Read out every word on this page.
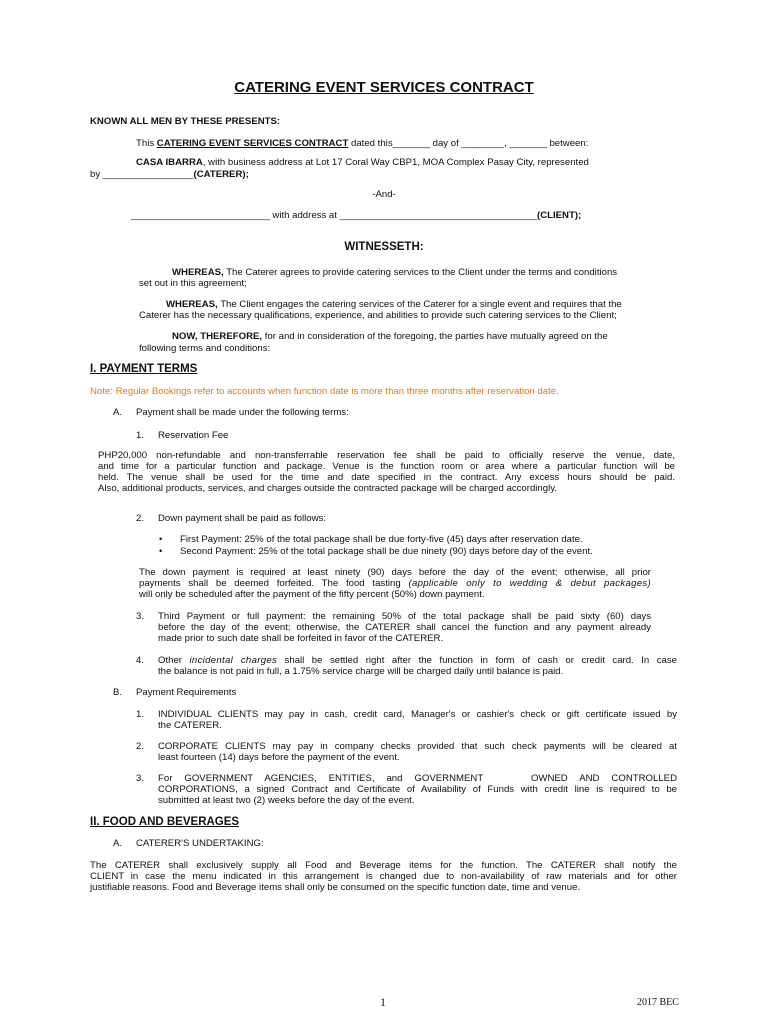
CATERING EVENT SERVICES CONTRACT
KNOWN ALL MEN BY THESE PRESENTS:
This CATERING EVENT SERVICES CONTRACT dated this_______ day of ________, _______ between:
CASA IBARRA, with business address at Lot 17 Coral Way CBP1, MOA Complex Pasay City, represented
by _________________(CATERER);
-And-
__________________________ with address at _____________________________________(CLIENT);
WITNESSETH:
WHEREAS, The Caterer agrees to provide catering services to the Client under the terms and conditions
set out in this agreement;
WHEREAS, The Client engages the catering services of the Caterer for a single event and requires that the
Caterer has the necessary qualifications, experience, and abilities to provide such catering services to the Client;
NOW, THEREFORE, for and in consideration of the foregoing, the parties have mutually agreed on the
following terms and conditions:
I. PAYMENT TERMS
Note: Regular Bookings refer to accounts when function date is more than three months after reservation date.
A. Payment shall be made under the following terms:
1. Reservation Fee
PHP20,000 non-refundable and non-transferrable reservation fee shall be paid to officially reserve the venue, date,
and time for a particular function and package. Venue is the function room or area where a particular function will be
held. The venue shall be used for the time and date specified in the contract. Any excess hours should be paid.
Also, additional products, services, and charges outside the contracted package will be charged accordingly.
2. Down payment shall be paid as follows:
•	First Payment: 25% of the total package shall be due forty-five (45) days after reservation date.
•	Second Payment: 25% of the total package shall be due ninety (90) days before day of the event.
The down payment is required at least ninety (90) days before the day of the event; otherwise, all prior
payments shall be deemed forfeited. The food tasting (applicable only to wedding & debut packages)
will only be scheduled after the payment of the fifty percent (50%) down payment.
3. Third Payment or full payment: the remaining 50% of the total package shall be paid sixty (60) days
before the day of the event; otherwise, the CATERER shall cancel the function and any payment already
made prior to such date shall be forfeited in favor of the CATERER.
4. Other incidental charges shall be settled right after the function in form of cash or credit card. In case
the balance is not paid in full, a 1.75% service charge will be charged daily until balance is paid.
B. Payment Requirements
1. INDIVIDUAL CLIENTS may pay in cash, credit card, Manager's or cashier's check or gift certificate issued by
the CATERER.
2. CORPORATE CLIENTS may pay in company checks provided that such check payments will be cleared at
least fourteen (14) days before the payment of the event.
3. For GOVERNMENT AGENCIES, ENTITIES, and GOVERNMENT    OWNED AND CONTROLLED
CORPORATIONS, a signed Contract and Certificate of Availability of Funds with credit line is required to be
submitted at least two (2) weeks before the day of the event.
II. FOOD AND BEVERAGES
A. CATERER'S UNDERTAKING:
The CATERER shall exclusively supply all Food and Beverage items for the function. The CATERER shall notify the
CLIENT in case the menu indicated in this arrangement is changed due to non-availability of raw materials and for other
justifiable reasons. Food and Beverage items shall only be consumed on the specific function date, time and venue.
1	2017 BEC
